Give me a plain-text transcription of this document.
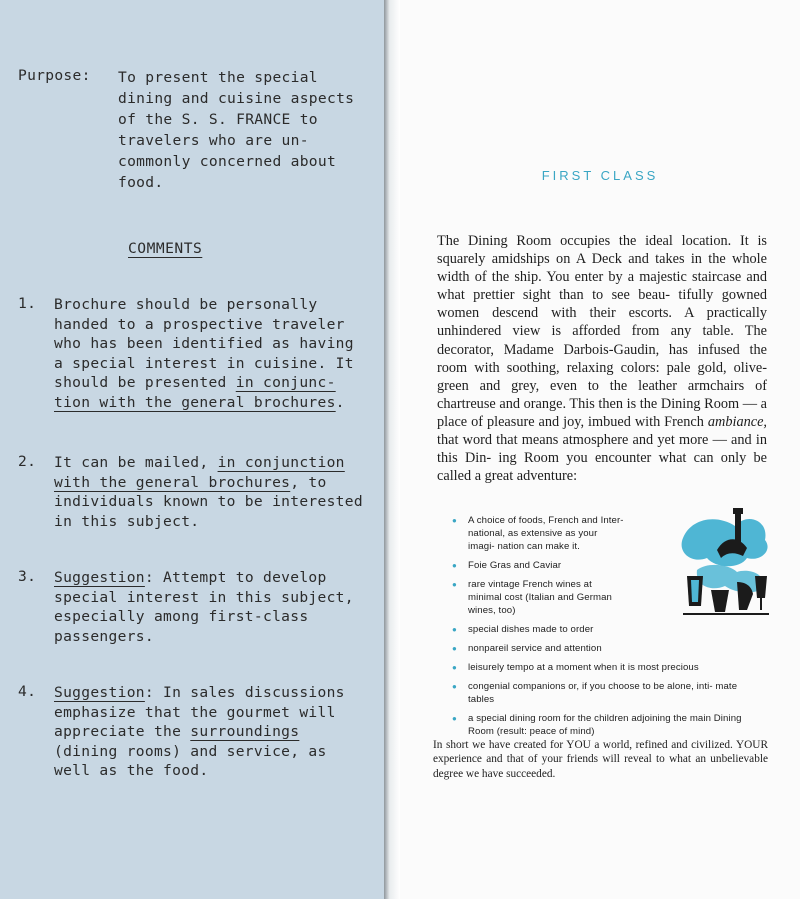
Purpose: To present the special dining and cuisine aspects of the S. S. FRANCE to travelers who are un- commonly concerned about food.
COMMENTS
1. Brochure should be personally handed to a prospective traveler who has been identified as having a special interest in cuisine. It should be presented in conjunc- tion with the general brochures.
2. It can be mailed, in conjunction with the general brochures, to individuals known to be interested in this subject.
3. Suggestion: Attempt to develop special interest in this subject, especially among first-class passengers.
4. Suggestion: In sales discussions emphasize that the gourmet will appreciate the surroundings (dining rooms) and service, as well as the food.
FIRST CLASS
The Dining Room occupies the ideal location. It is squarely amidships on A Deck and takes in the whole width of the ship. You enter by a majestic staircase and what prettier sight than to see beau- tifully gowned women descend with their escorts. A practically unhindered view is afforded from any table. The decorator, Madame Darbois-Gaudin, has infused the room with soothing, relaxing colors: pale gold, olive-green and grey, even to the leather armchairs of chartreuse and orange. This then is the Dining Room — a place of pleasure and joy, imbued with French ambiance, that word that means atmosphere and yet more — and in this Din- ing Room you encounter what can only be called a great adventure:
● A choice of foods, French and Inter- national, as extensive as your imagi- nation can make it.
● Foie Gras and Caviar
● rare vintage French wines at minimal cost (Italian and German wines, too)
● special dishes made to order
● nonpareil service and attention
● leisurely tempo at a moment when it is most precious
● congenial companions or, if you choose to be alone, inti- mate tables
● a special dining room for the children adjoining the main Dining Room (result: peace of mind)
In short we have created for YOU a world, refined and civilized. YOUR experience and that of your friends will reveal to what an unbelievable degree we have succeeded.
